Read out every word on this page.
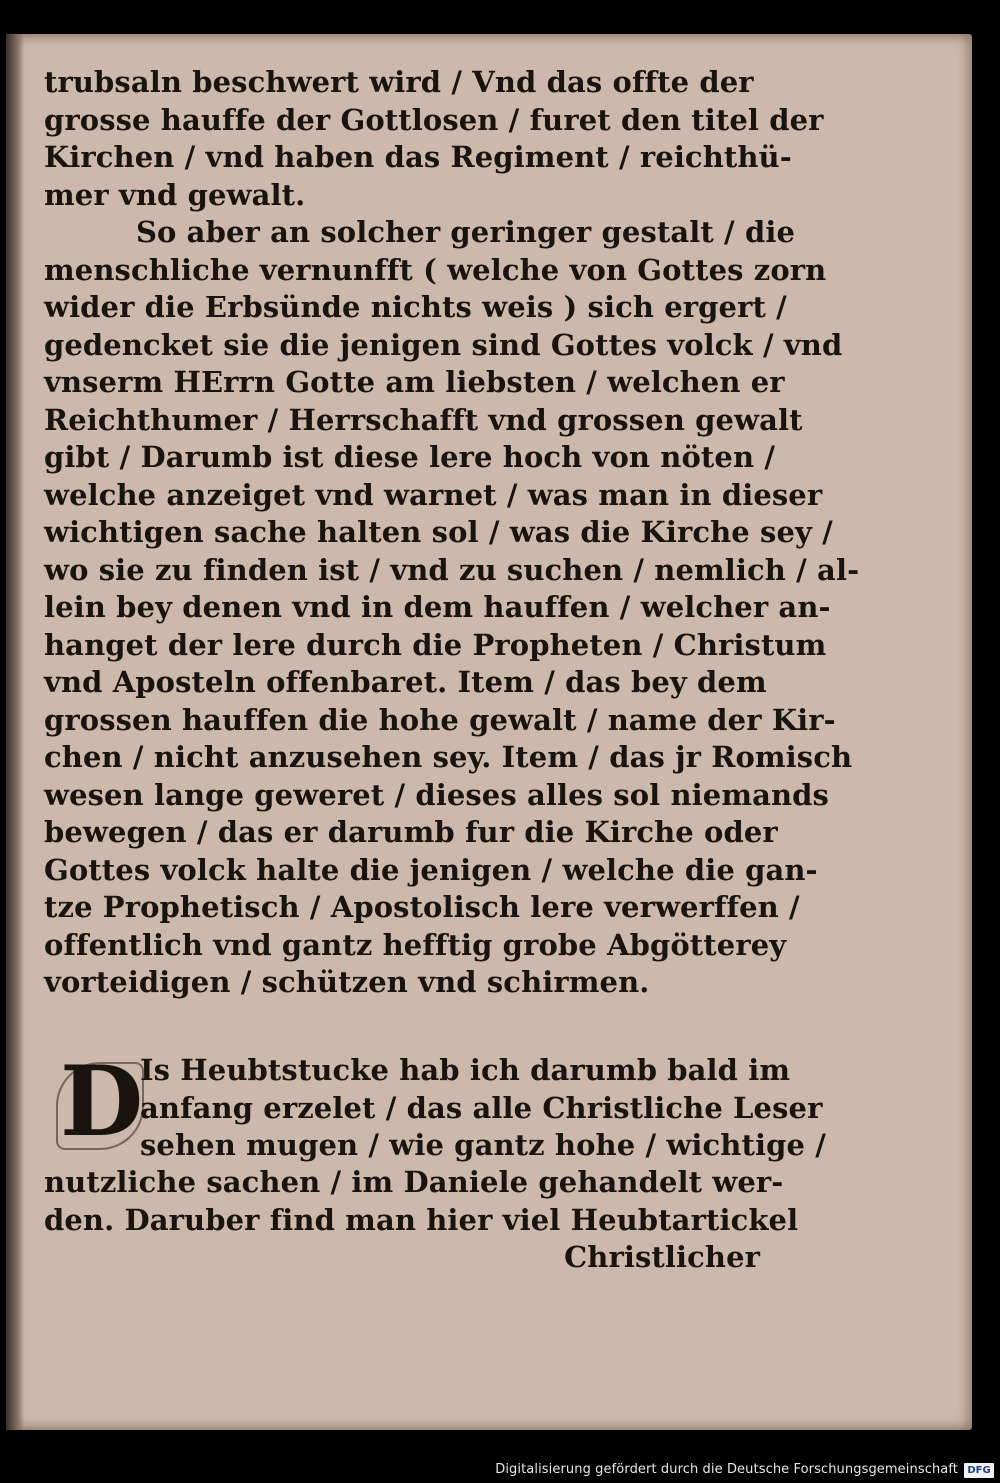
trubsaln beschwert wird / Vnd das offte der
grosse hauffe der Gottlosen / furet den titel der
Kirchen / vnd haben das Regiment / reichthü-
mer vnd gewalt.
So aber an solcher geringer gestalt / die
menschliche vernunfft ( welche von Gottes zorn
wider die Erbsünde nichts weis ) sich ergert /
gedencket sie die jenigen sind Gottes volck / vnd
vnserm HErrn Gotte am liebsten / welchen er
Reichthumer / Herrschafft vnd grossen gewalt
gibt / Darumb ist diese lere hoch von nöten /
welche anzeiget vnd warnet / was man in dieser
wichtigen sache halten sol / was die Kirche sey /
wo sie zu finden ist / vnd zu suchen / nemlich / al-
lein bey denen vnd in dem hauffen / welcher an-
hanget der lere durch die Propheten / Christum
vnd Aposteln offenbaret. Item / das bey dem
grossen hauffen die hohe gewalt / name der Kir-
chen / nicht anzusehen sey. Item / das jr Romisch
wesen lange geweret / dieses alles sol niemands
bewegen / das er darumb fur die Kirche oder
Gottes volck halte die jenigen / welche die gan-
tze Prophetisch / Apostolisch lere verwerffen /
offentlich vnd gantz hefftig grobe Abgötterey
vorteidigen / schützen vnd schirmen.
D
Is Heubtstucke hab ich darumb bald im
anfang erzelet / das alle Christliche Leser
sehen mugen / wie gantz hohe / wichtige /
nutzliche sachen / im Daniele gehandelt wer-
den. Daruber find man hier viel Heubtartickel
Christlicher
Digitalisierung gefördert durch die Deutsche Forschungsgemeinschaft DFG
